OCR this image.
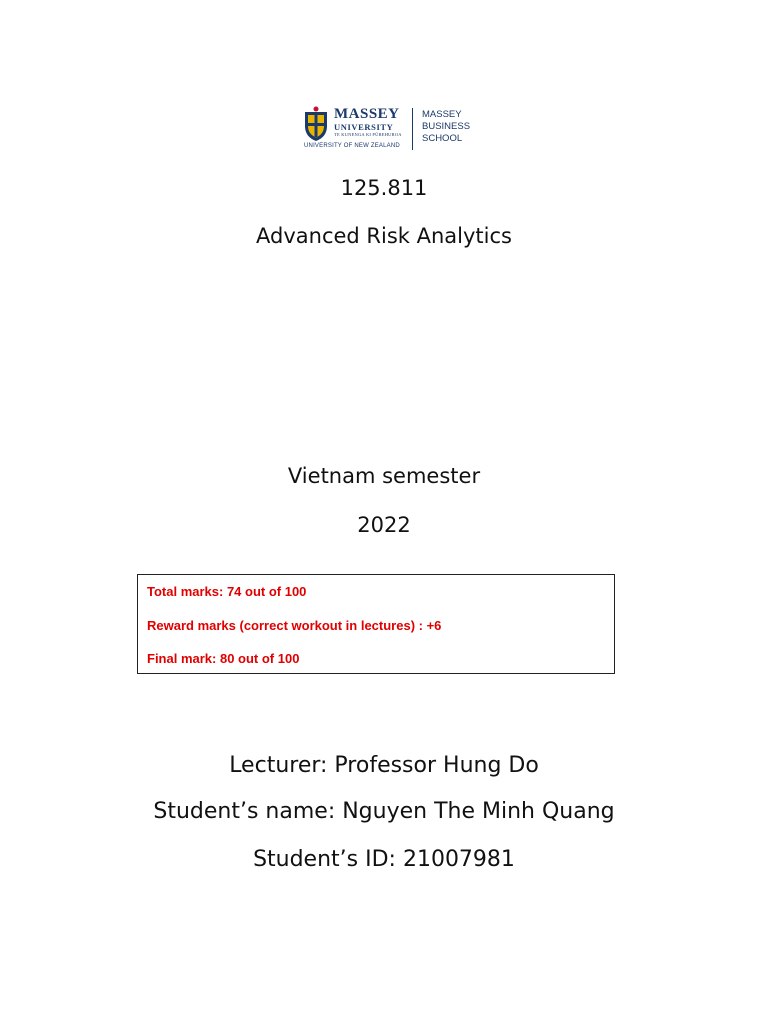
MASSEY
UNIVERSITY
TE KUNENGA KI PŪREHUROA
UNIVERSITY OF NEW ZEALAND
MASSEY
BUSINESS
SCHOOL
125.811
Advanced Risk Analytics
Vietnam semester
2022
Total marks: 74 out of 100
Reward marks (correct workout in lectures) : +6
Final mark: 80 out of 100
Lecturer: Professor Hung Do
Student’s name: Nguyen The Minh Quang
Student’s ID: 21007981
